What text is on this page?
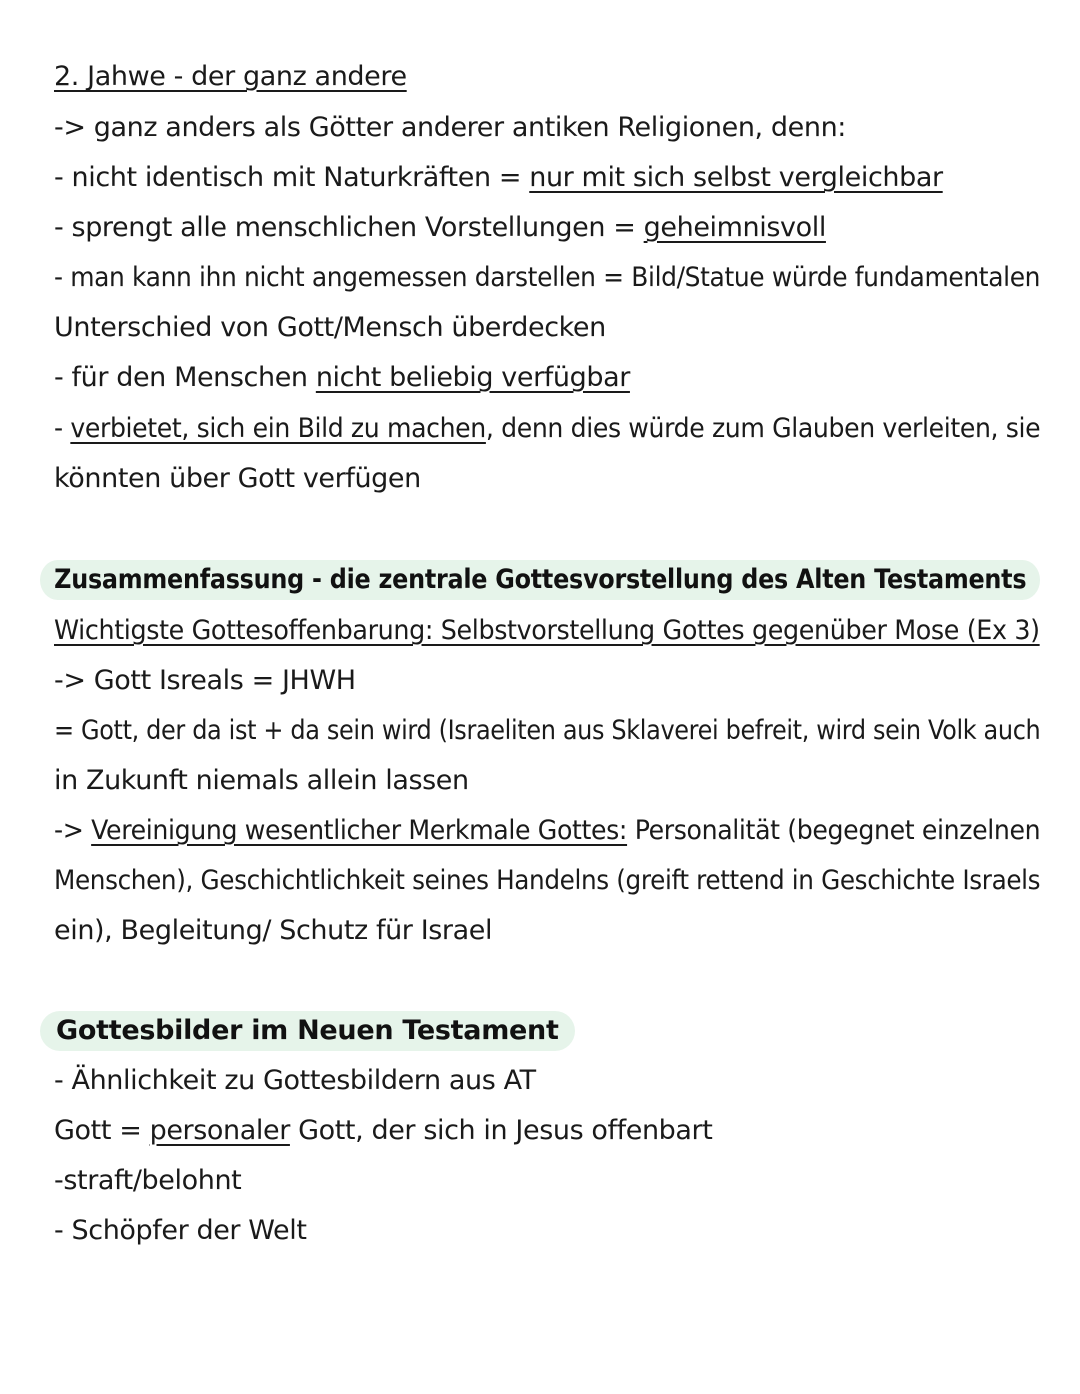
2. Jahwe - der ganz andere
-> ganz anders als Götter anderer antiken Religionen, denn:
- nicht identisch mit Naturkräften = nur mit sich selbst vergleichbar
- sprengt alle menschlichen Vorstellungen = geheimnisvoll
- man kann ihn nicht angemessen darstellen = Bild/Statue würde fundamentalen
Unterschied von Gott/Mensch überdecken
- für den Menschen nicht beliebig verfügbar
- verbietet, sich ein Bild zu machen, denn dies würde zum Glauben verleiten, sie
könnten über Gott verfügen
Zusammenfassung - die zentrale Gottesvorstellung des Alten Testaments
Wichtigste Gottesoffenbarung: Selbstvorstellung Gottes gegenüber Mose (Ex 3)
-> Gott Isreals = JHWH
= Gott, der da ist + da sein wird (Israeliten aus Sklaverei befreit, wird sein Volk auch
in Zukunft niemals allein lassen
-> Vereinigung wesentlicher Merkmale Gottes: Personalität (begegnet einzelnen
Menschen), Geschichtlichkeit seines Handelns (greift rettend in Geschichte Israels
ein), Begleitung/ Schutz für Israel
Gottesbilder im Neuen Testament
- Ähnlichkeit zu Gottesbildern aus AT
Gott = personaler Gott, der sich in Jesus offenbart
-straft/belohnt
- Schöpfer der Welt
